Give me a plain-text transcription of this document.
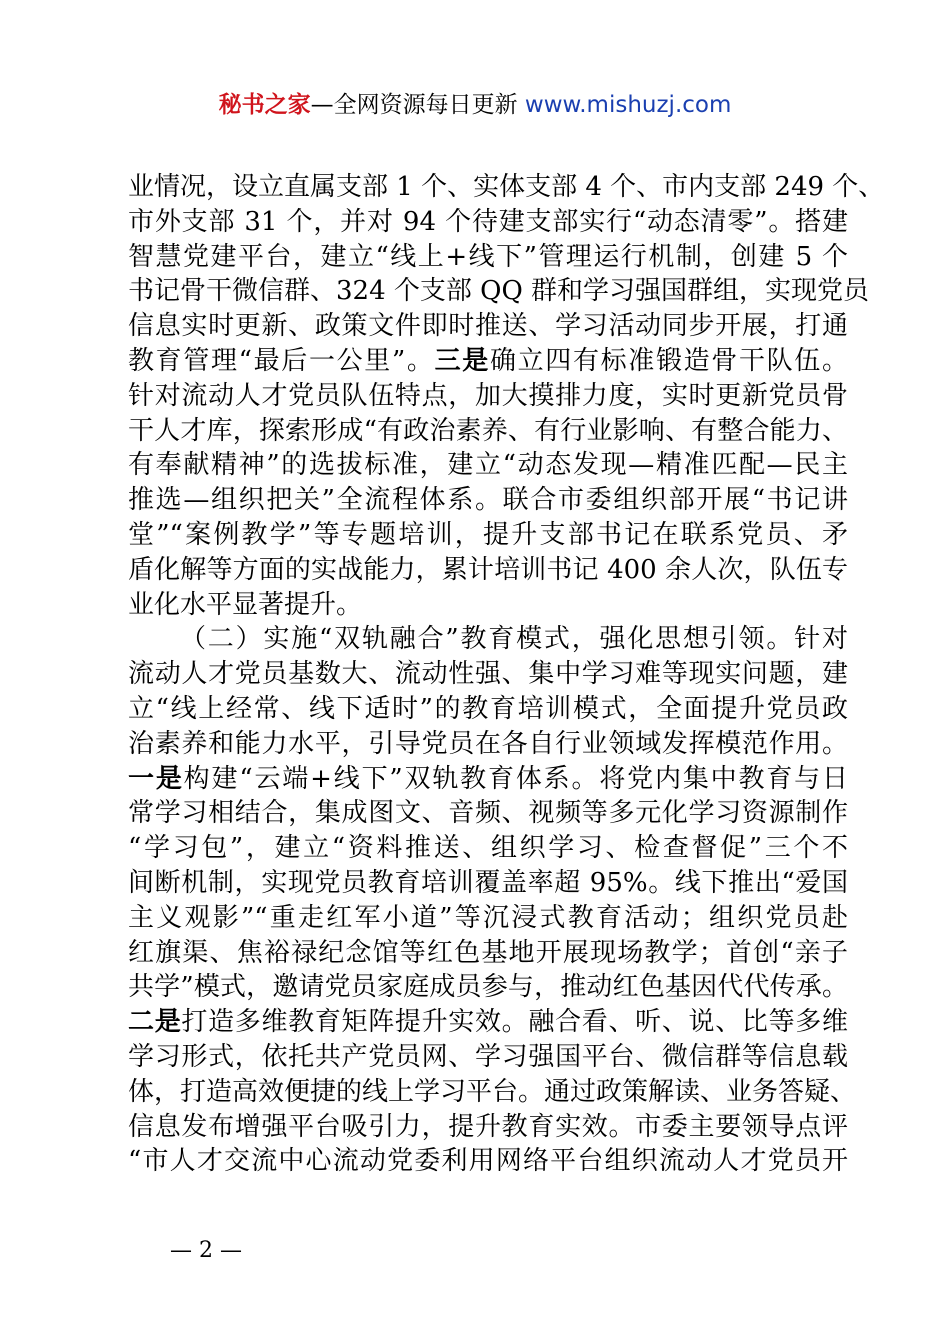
秘书之家—全网资源每日更新 www.mishuzj.com
业情况，设立直属支部 1 个、实体支部 4 个、市内支部 249 个、
市外支部 31 个，并对 94 个待建支部实行“动态清零”。搭建
智慧党建平台，建立“线上+线下”管理运行机制，创建 5 个
书记骨干微信群、324 个支部 QQ 群和学习强国群组，实现党员
信息实时更新、政策文件即时推送、学习活动同步开展，打通
教育管理“最后一公里”。三是确立四有标准锻造骨干队伍。
针对流动人才党员队伍特点，加大摸排力度，实时更新党员骨
干人才库，探索形成“有政治素养、有行业影响、有整合能力、
有奉献精神”的选拔标准，建立“动态发现—精准匹配—民主
推选—组织把关”全流程体系。联合市委组织部开展“书记讲
堂”“案例教学”等专题培训，提升支部书记在联系党员、矛
盾化解等方面的实战能力，累计培训书记 400 余人次，队伍专
业化水平显著提升。
（二）实施“双轨融合”教育模式，强化思想引领。针对
流动人才党员基数大、流动性强、集中学习难等现实问题，建
立“线上经常、线下适时”的教育培训模式，全面提升党员政
治素养和能力水平，引导党员在各自行业领域发挥模范作用。
一是构建“云端+线下”双轨教育体系。将党内集中教育与日
常学习相结合，集成图文、音频、视频等多元化学习资源制作
“学习包”，建立“资料推送、组织学习、检查督促”三个不
间断机制，实现党员教育培训覆盖率超 95%。线下推出“爱国
主义观影”“重走红军小道”等沉浸式教育活动；组织党员赴
红旗渠、焦裕禄纪念馆等红色基地开展现场教学；首创“亲子
共学”模式，邀请党员家庭成员参与，推动红色基因代代传承。
二是打造多维教育矩阵提升实效。融合看、听、说、比等多维
学习形式，依托共产党员网、学习强国平台、微信群等信息载
体，打造高效便捷的线上学习平台。通过政策解读、业务答疑、
信息发布增强平台吸引力，提升教育实效。市委主要领导点评
“市人才交流中心流动党委利用网络平台组织流动人才党员开
— 2 —
